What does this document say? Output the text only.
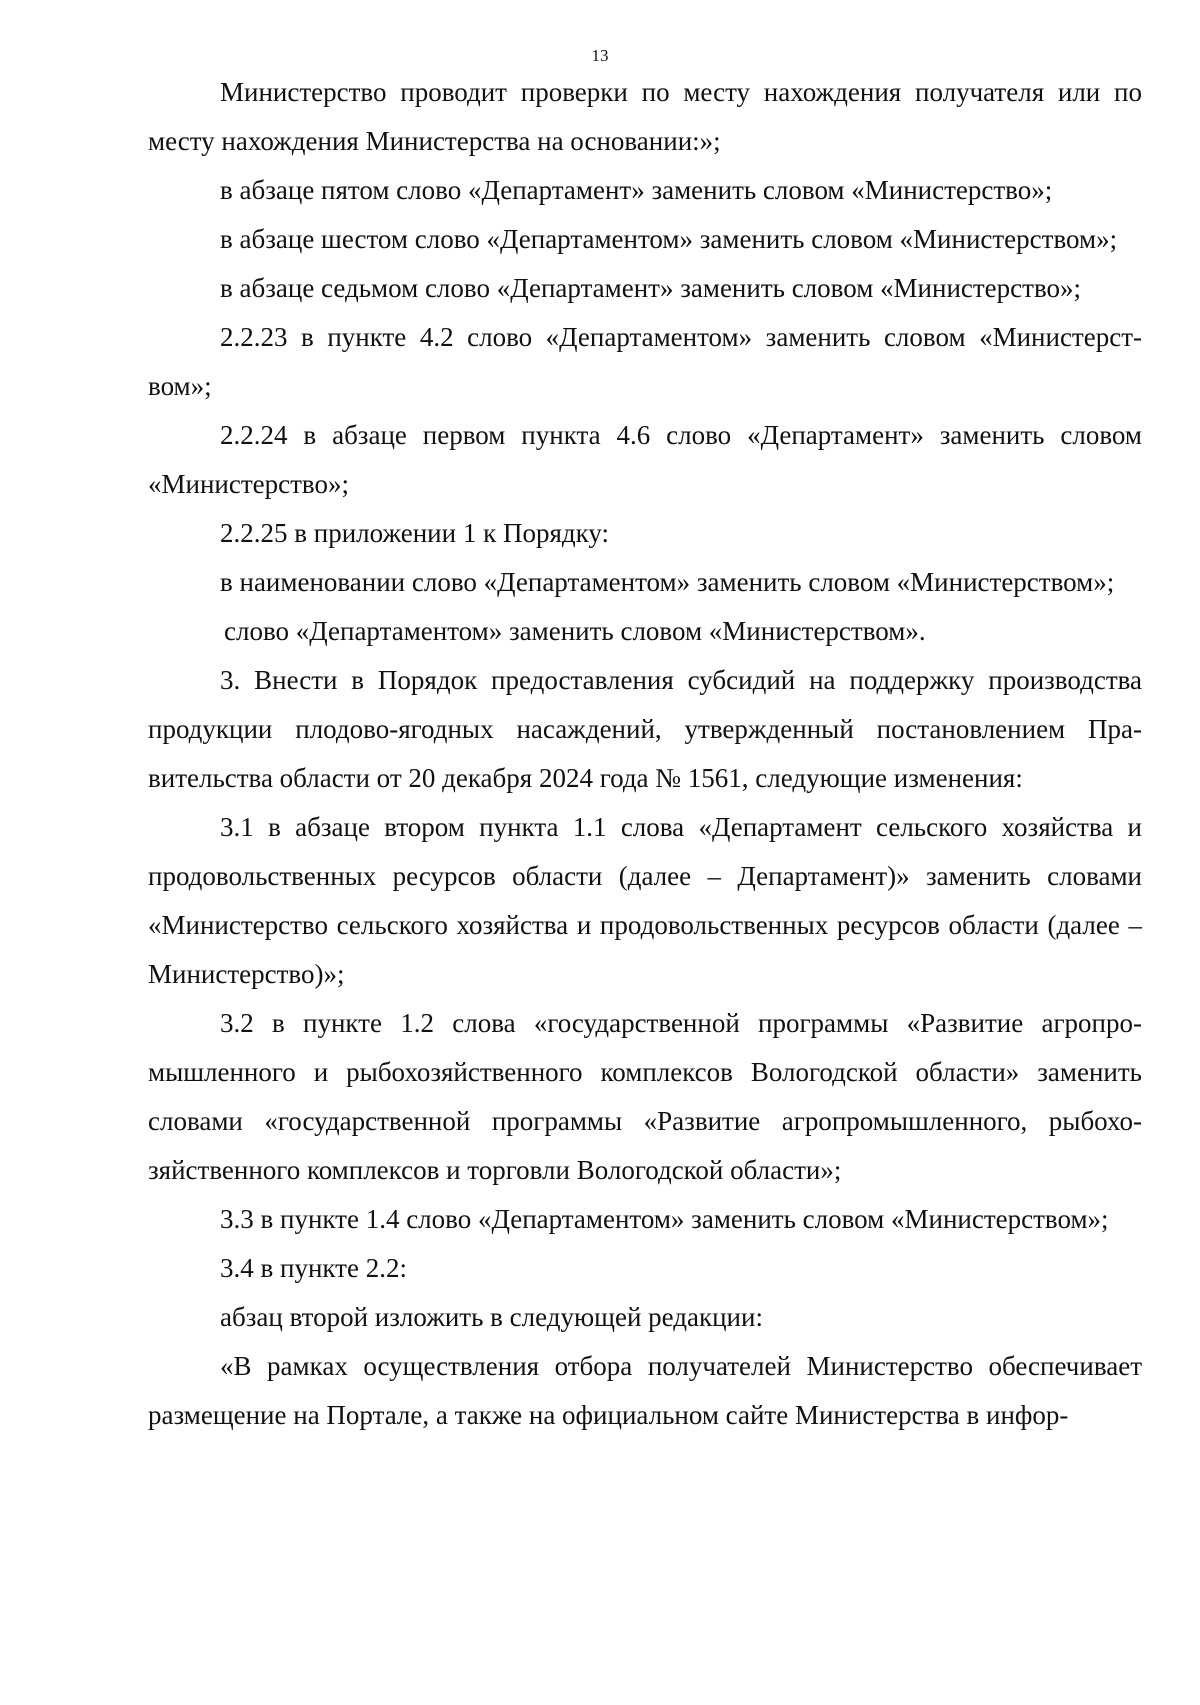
13

Министерство проводит проверки по месту нахождения получателя или по месту нахождения Министерства на основании:»;

в абзаце пятом слово «Департамент» заменить словом «Министерство»;

в абзаце шестом слово «Департаментом» заменить словом «Министерством»;

в абзаце седьмом слово «Департамент» заменить словом «Министерство»;

2.2.23 в пункте 4.2 слово «Департаментом» заменить словом «Министерством»;

2.2.24 в абзаце первом пункта 4.6 слово «Департамент» заменить словом «Министерство»;

2.2.25 в приложении 1 к Порядку:

в наименовании слово «Департаментом» заменить словом «Министерством»;

слово «Департаментом» заменить словом «Министерством».

3. Внести в Порядок предоставления субсидий на поддержку производства продукции плодово-ягодных насаждений, утвержденный постановлением Правительства области от 20 декабря 2024 года № 1561, следующие изменения:

3.1 в абзаце втором пункта 1.1 слова «Департамент сельского хозяйства и продовольственных ресурсов области (далее – Департамент)» заменить словами «Министерство сельского хозяйства и продовольственных ресурсов области (далее – Министерство)»;

3.2 в пункте 1.2 слова «государственной программы «Развитие агропромышленного и рыбохозяйственного комплексов Вологодской области» заменить словами «государственной программы «Развитие агропромышленного, рыбохозяйственного комплексов и торговли Вологодской области»;

3.3 в пункте 1.4 слово «Департаментом» заменить словом «Министерством»;

3.4 в пункте 2.2:

абзац второй изложить в следующей редакции:

«В рамках осуществления отбора получателей Министерство обеспечивает размещение на Портале, а также на официальном сайте Министерства в инфор-
